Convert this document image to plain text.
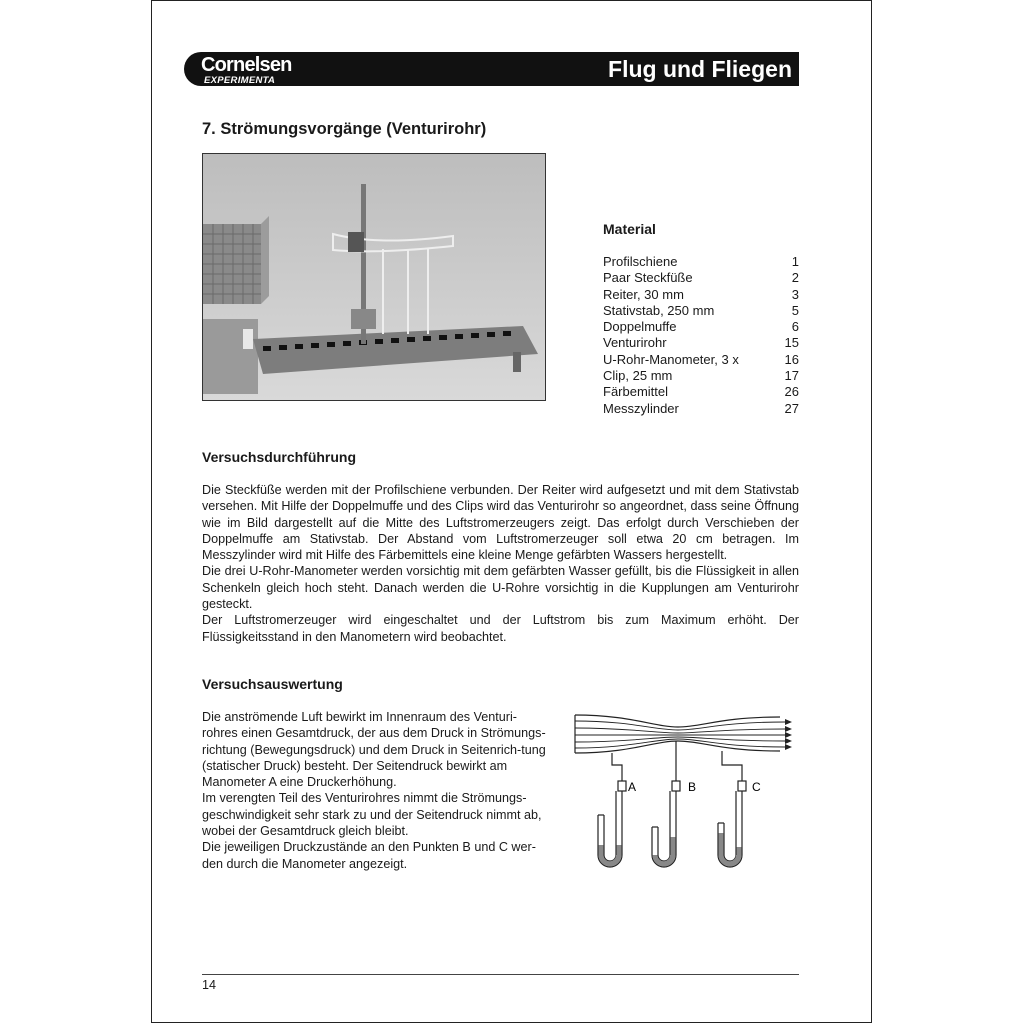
Cornelsen
EXPERIMENTA	Flug und Fliegen
7. Strömungsvorgänge (Venturirohr)
Material
Profilschiene	1
Paar Steckfüße	2
Reiter, 30 mm	3
Stativstab, 250 mm	5
Doppelmuffe	6
Venturirohr	15
U-Rohr-Manometer, 3 x	16
Clip, 25 mm	17
Färbemittel	26
Messzylinder	27
Versuchsdurchführung

Die Steckfüße werden mit der Profilschiene verbunden. Der Reiter wird aufgesetzt und mit dem Stativstab versehen. Mit Hilfe der Doppelmuffe und des Clips wird das Venturirohr so angeordnet, dass seine Öffnung wie im Bild dargestellt auf die Mitte des Luftstromerzeugers zeigt. Das erfolgt durch Verschieben der Doppelmuffe am Stativstab. Der Abstand vom Luftstromerzeuger soll etwa 20 cm betragen. Im Messzylinder wird mit Hilfe des Färbemittels eine kleine Menge gefärbten Wassers hergestellt.

Die drei U-Rohr-Manometer werden vorsichtig mit dem gefärbten Wasser gefüllt, bis die Flüssigkeit in allen Schenkeln gleich hoch steht. Danach werden die U-Rohre vorsichtig in die Kupplungen am Venturirohr gesteckt.

Der Luftstromerzeuger wird eingeschaltet und der Luftstrom bis zum Maximum erhöht. Der Flüssigkeitsstand in den Manometern wird beobachtet.

Versuchsauswertung

Die anströmende Luft bewirkt im Innenraum des Venturi-rohres einen Gesamtdruck, der aus dem Druck in Strömungs-richtung (Bewegungsdruck) und dem Druck in Seitenrich-tung (statischer Druck) besteht. Der Seitendruck bewirkt am Manometer A eine Druckerhöhung.

Im verengten Teil des Venturirohres nimmt die Strömungs-geschwindigkeit sehr stark zu und der Seitendruck nimmt ab, wobei der Gesamtdruck gleich bleibt.

Die jeweiligen Druckzustände an den Punkten B und C wer-den durch die Manometer angezeigt.

A	B	C
14
